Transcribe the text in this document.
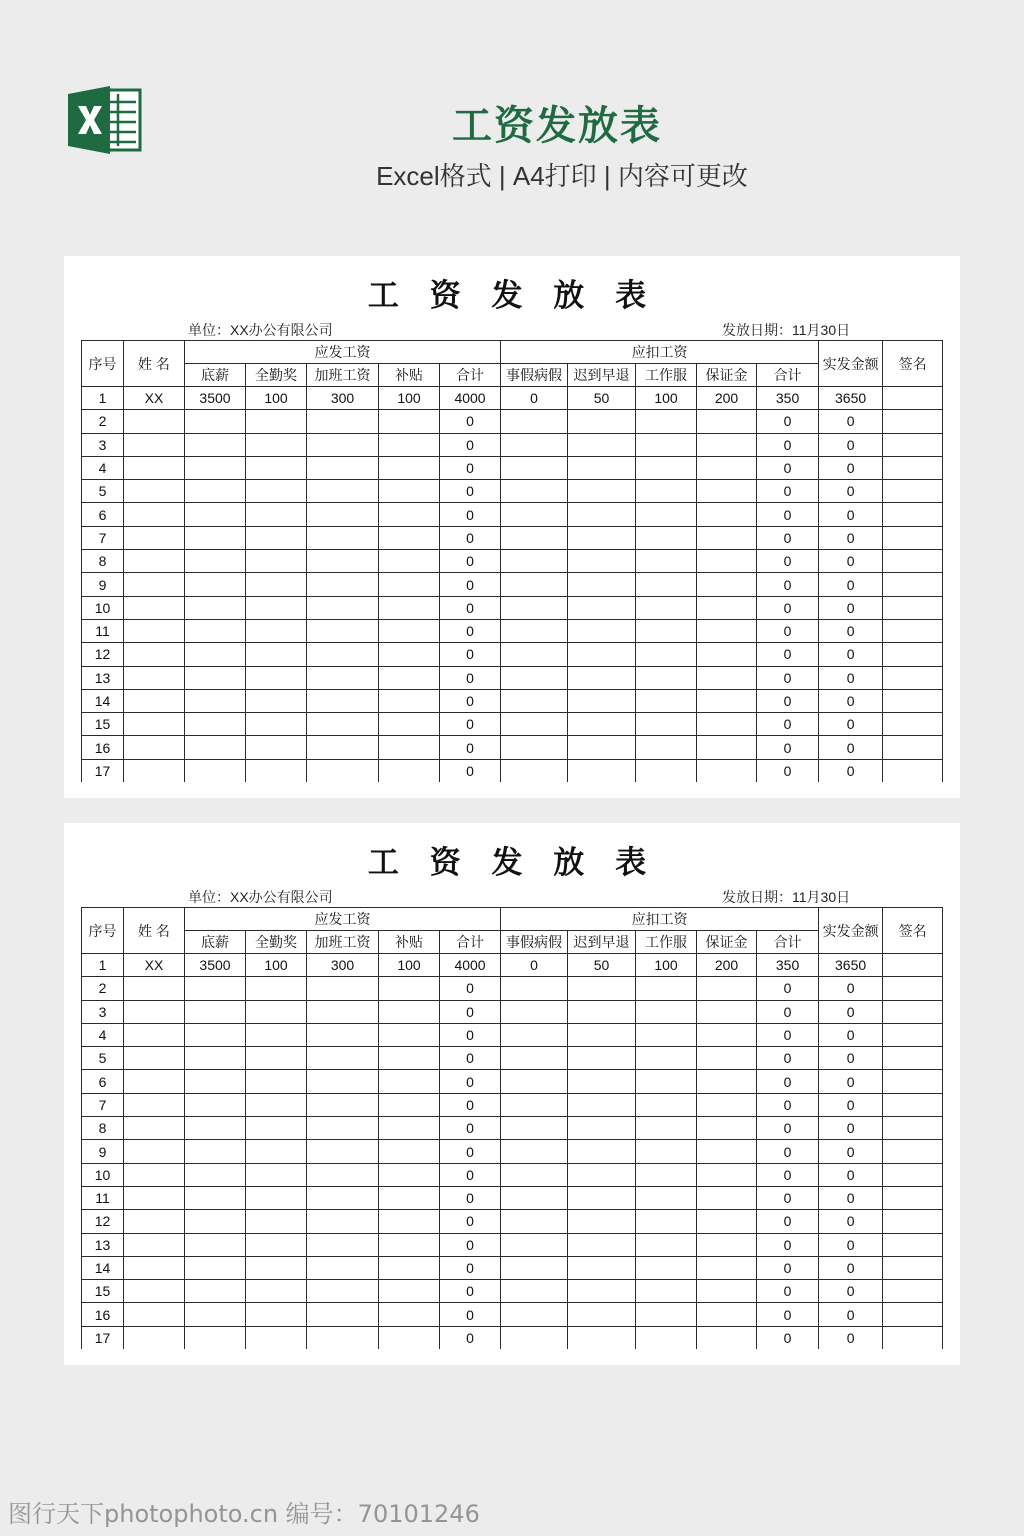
工资发放表
Excel格式 | A4打印 | 内容可更改
工 资 发 放 表
单位：XX办公有限公司	发放日期：11月30日
序号	姓 名	应发工资					应扣工资					实发金额	签名
		底薪	全勤奖	加班工资	补贴	合计	事假病假	迟到早退	工作服	保证金	合计		
1	XX	3500	100	300	100	4000	0	50	100	200	350	3650	
2						0					0	0	
3						0					0	0	
4						0					0	0	
5						0					0	0	
6						0					0	0	
7						0					0	0	
8						0					0	0	
9						0					0	0	
10						0					0	0	
11						0					0	0	
12						0					0	0	
13						0					0	0	
14						0					0	0	
15						0					0	0	
16						0					0	0	
17						0					0	0	
工 资 发 放 表
单位：XX办公有限公司	发放日期：11月30日
序号	姓 名	应发工资					应扣工资					实发金额	签名
		底薪	全勤奖	加班工资	补贴	合计	事假病假	迟到早退	工作服	保证金	合计		
1	XX	3500	100	300	100	4000	0	50	100	200	350	3650	
2						0					0	0	
3						0					0	0	
4						0					0	0	
5						0					0	0	
6						0					0	0	
7						0					0	0	
8						0					0	0	
9						0					0	0	
10						0					0	0	
11						0					0	0	
12						0					0	0	
13						0					0	0	
14						0					0	0	
15						0					0	0	
16						0					0	0	
17						0					0	0	
图行天下photophoto.cn 编号：70101246
